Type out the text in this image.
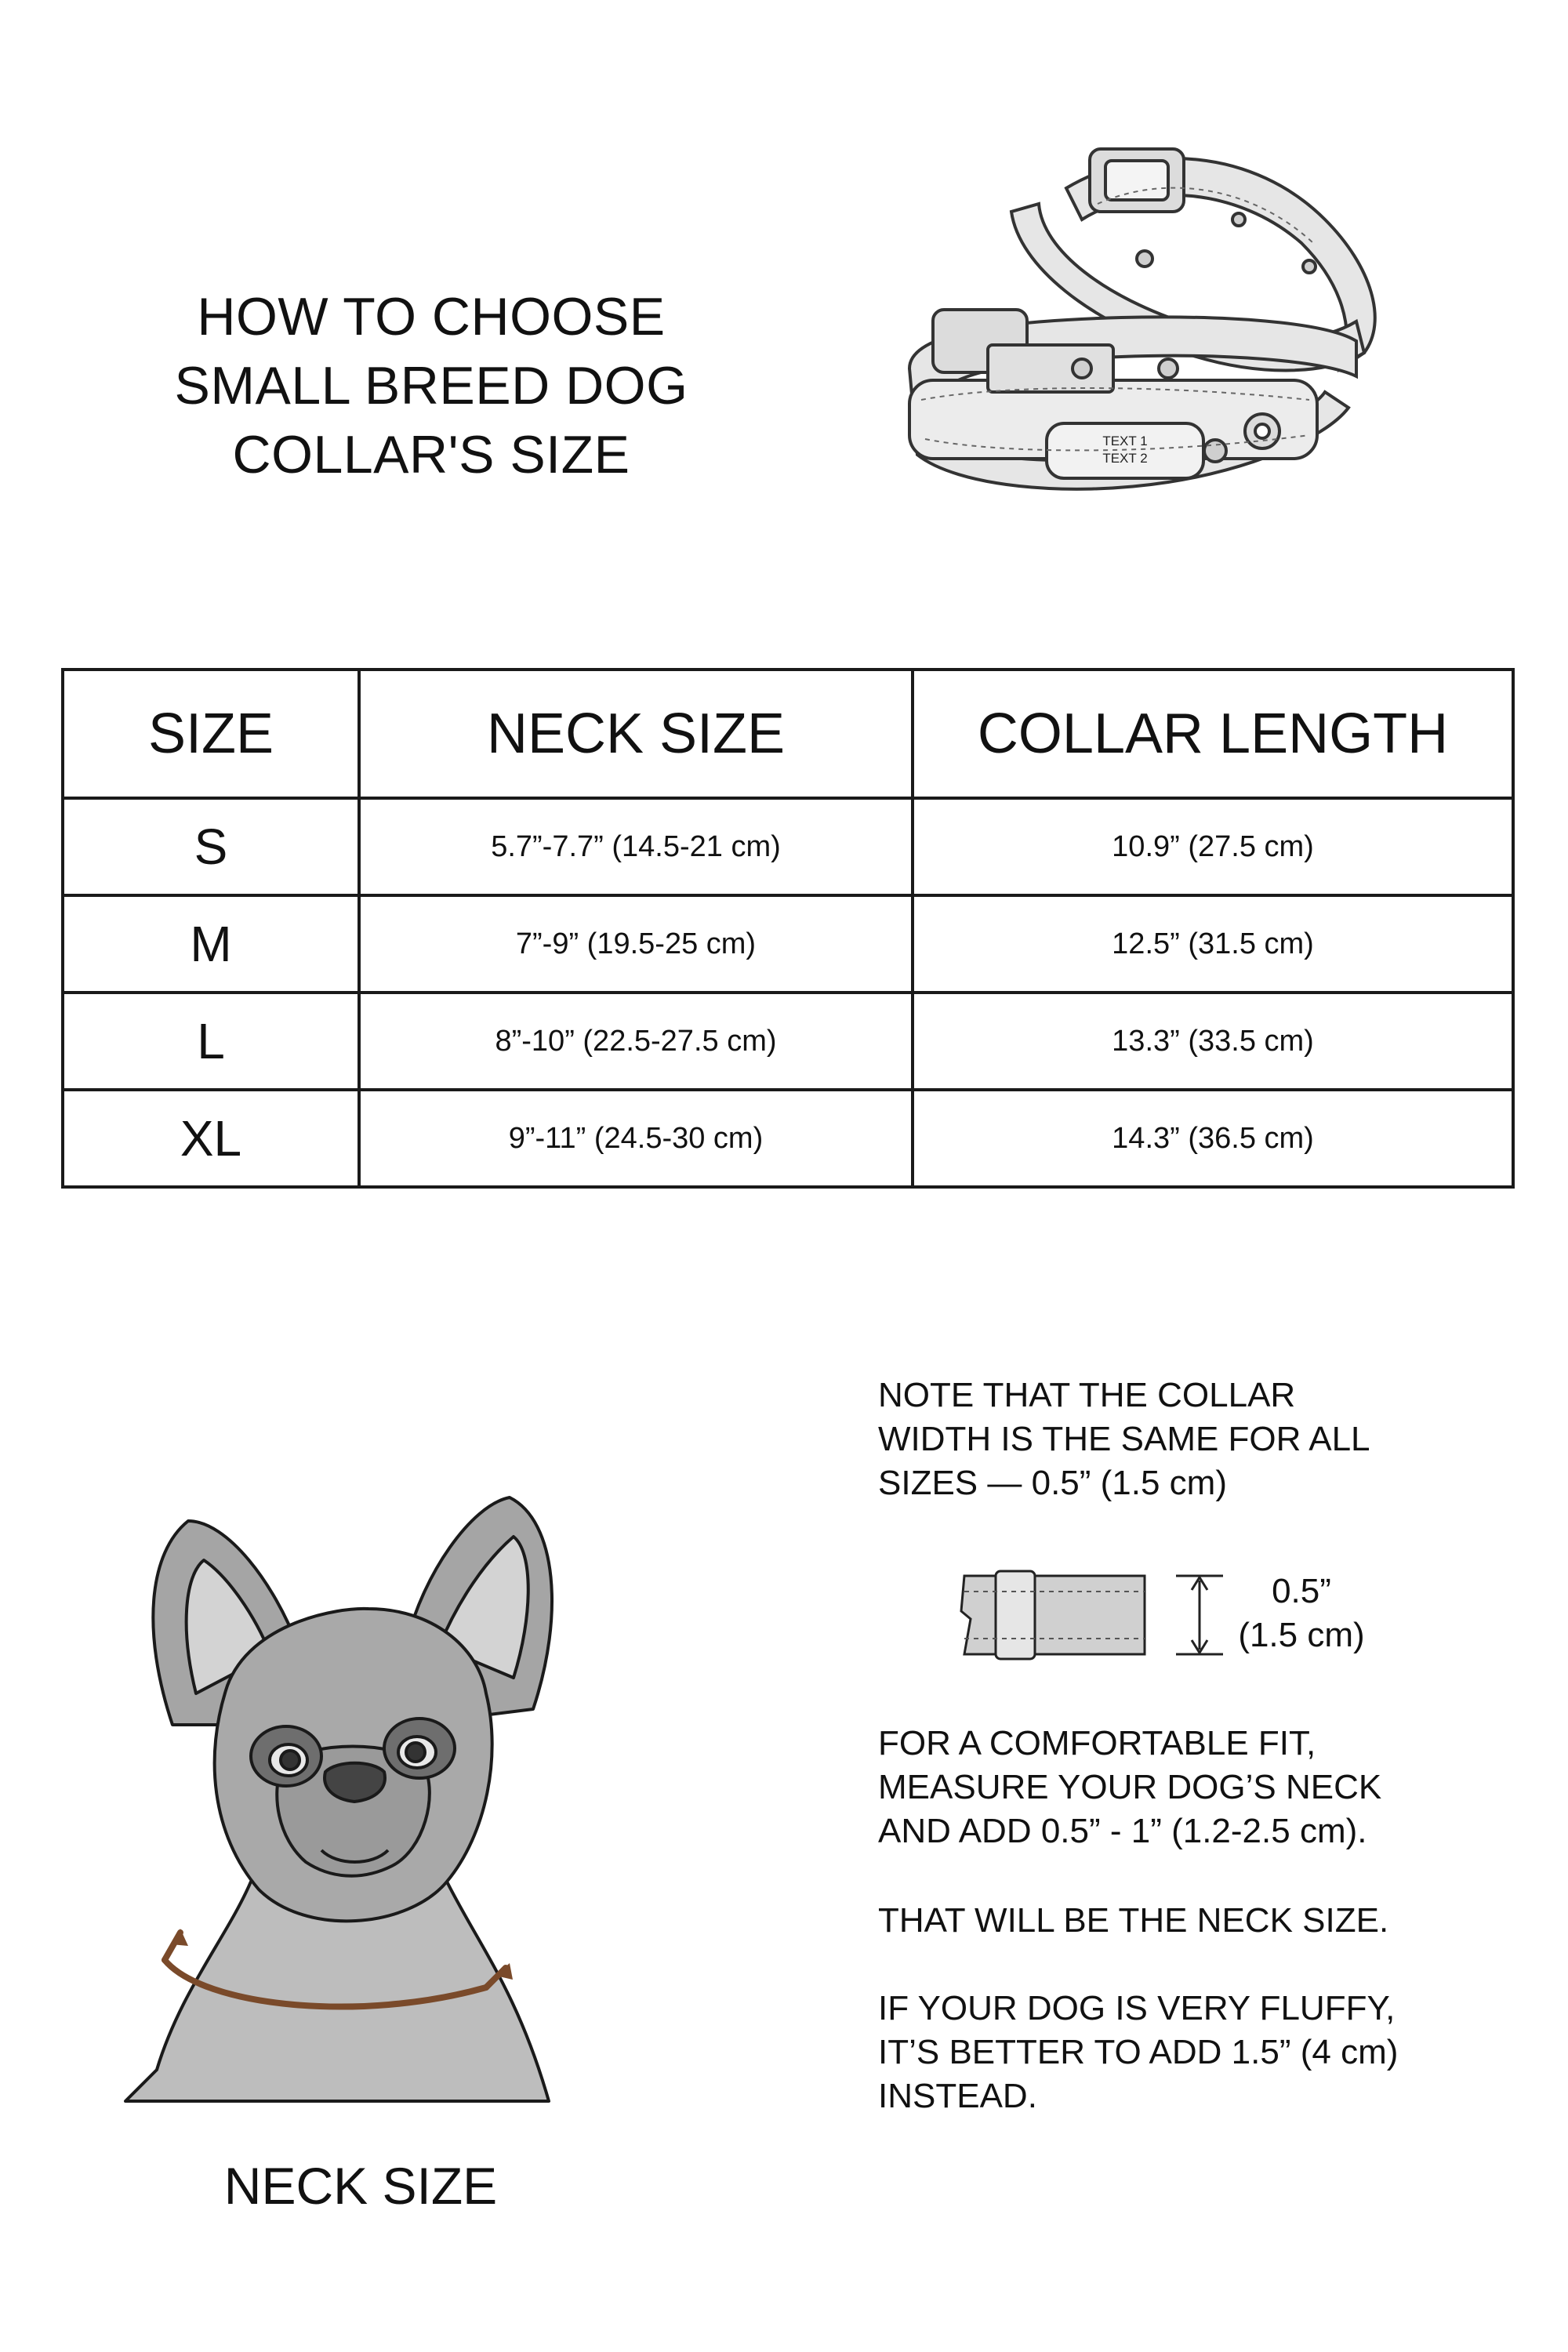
HOW TO CHOOSE
SMALL BREED DOG
COLLAR'S SIZE	TEXT 1
TEXT 2
SIZE	NECK SIZE	COLLAR LENGTH
S	5.7”-7.7” (14.5-21 cm)	10.9” (27.5 cm)
M	7”-9” (19.5-25 cm)	12.5” (31.5 cm)
L	8”-10” (22.5-27.5 cm)	13.3” (33.5 cm)
XL	9”-11” (24.5-30 cm)	14.3” (36.5 cm)
NECK SIZE
NOTE THAT THE COLLAR
WIDTH IS THE SAME FOR ALL
SIZES — 0.5” (1.5 cm)
0.5”
(1.5 cm)
FOR A COMFORTABLE FIT,
MEASURE YOUR DOG’S NECK
AND ADD 0.5” - 1” (1.2-2.5 cm).
THAT WILL BE THE NECK SIZE.
IF YOUR DOG IS VERY FLUFFY,
IT’S BETTER TO ADD 1.5” (4 cm)
INSTEAD.
